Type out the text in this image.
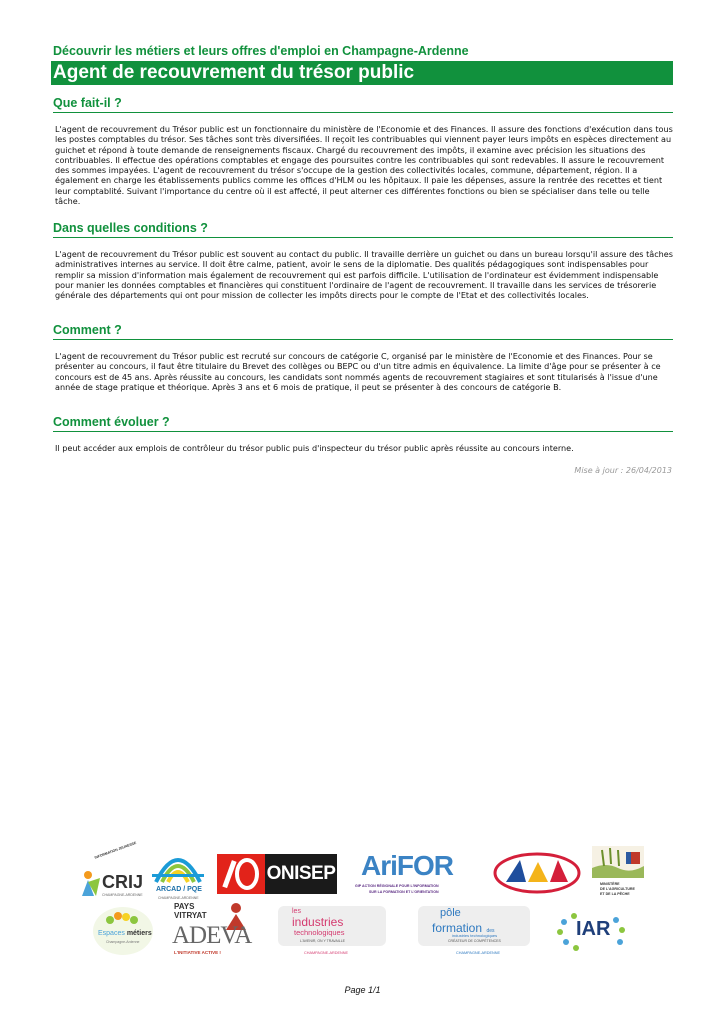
Découvrir les métiers et leurs offres d'emploi en Champagne-Ardenne
Agent de recouvrement du trésor public
Que fait-il ?

L'agent de recouvrement du Trésor public est un fonctionnaire du ministère de l'Economie et des Finances. Il assure des fonctions d'exécution dans tous les postes comptables du trésor. Ses tâches sont très diversifiées. Il reçoit les contribuables qui viennent payer leurs impôts en espèces directement au guichet et répond à toute demande de renseignements fiscaux. Chargé du recouvrement des impôts, il examine avec précision les situations des contribuables. Il effectue des opérations comptables et engage des poursuites contre les contribuables qui sont redevables. Il assure le recouvrement des sommes impayées. L'agent de recouvrement du trésor s'occupe de la gestion des collectivités locales, commune, département, région. Il a également en charge les établissements publics comme les offices d'HLM ou les hôpitaux. Il paie les dépenses, assure la rentrée des recettes et tient leur comptablité. Suivant l'importance du centre où il est affecté, il peut alterner ces différentes fonctions ou bien se spécialiser dans telle ou telle tâche.

Dans quelles conditions ?

L'agent de recouvrement du Trésor public est souvent au contact du public. Il travaille derrière un guichet ou dans un bureau lorsqu'il assure des tâches administratives internes au service. Il doit être calme, patient, avoir le sens de la diplomatie. Des qualités pédagogiques sont indispensables pour remplir sa mission d'information mais également de recouvrement qui est parfois difficile. L'utilisation de l'ordinateur est évidemment indispensable pour manier les données comptables et financières qui constituent l'ordinaire de l'agent de recouvrement. Il travaille dans les services de trésorerie générale des départements qui ont pour mission de collecter les impôts directs pour le compte de l'Etat et des collectivités locales.

Comment ?

L'agent de recouvrement du Trésor public est recruté sur concours de catégorie C, organisé par le ministère de l'Economie et des Finances. Pour se présenter au concours, il faut être titulaire du Brevet des collèges ou BEPC ou d'un titre admis en équivalence. La limite d'âge pour se présenter à ce concours est de 45 ans. Après réussite au concours, les candidats sont nommés agents de recouvrement stagiaires et sont titularisés à l'issue d'une année de stage pratique et théorique. Après 3 ans et 6 mois de pratique, il peut se présenter à des concours de catégorie B.

Comment évoluer ?

Il peut accéder aux emplois de contrôleur du trésor public puis d'inspecteur du trésor public après réussite au concours interne.

Mise à jour : 26/04/2013
INFORMATION JEUNESSE
CRIJ
CHAMPAGNE-ARDENNE
ARCAD / PQE
CHAMPAGNE-ARDENNE
ONISEP AriFOR
GIP ACTION RÉGIONALE POUR L'INFORMATION
SUR LA FORMATION ET L'ORIENTATION
MINISTÈRE
DE L'AGRICULTURE
ET DE LA PÊCHE
Espaces métiers
Champagne-Ardenne
PAYS
VITRYAT
ADEVA
L'INITIATIVE ACTIVE !
les
industries
technologiques
L'AVENIR, ON Y TRAVAILLE
CHAMPAGNE-ARDENNE
pôle
formation des
industries technologiques
CRÉATEUR DE COMPÉTENCES
CHAMPAGNE-ARDENNE
IAR
Page 1/1
